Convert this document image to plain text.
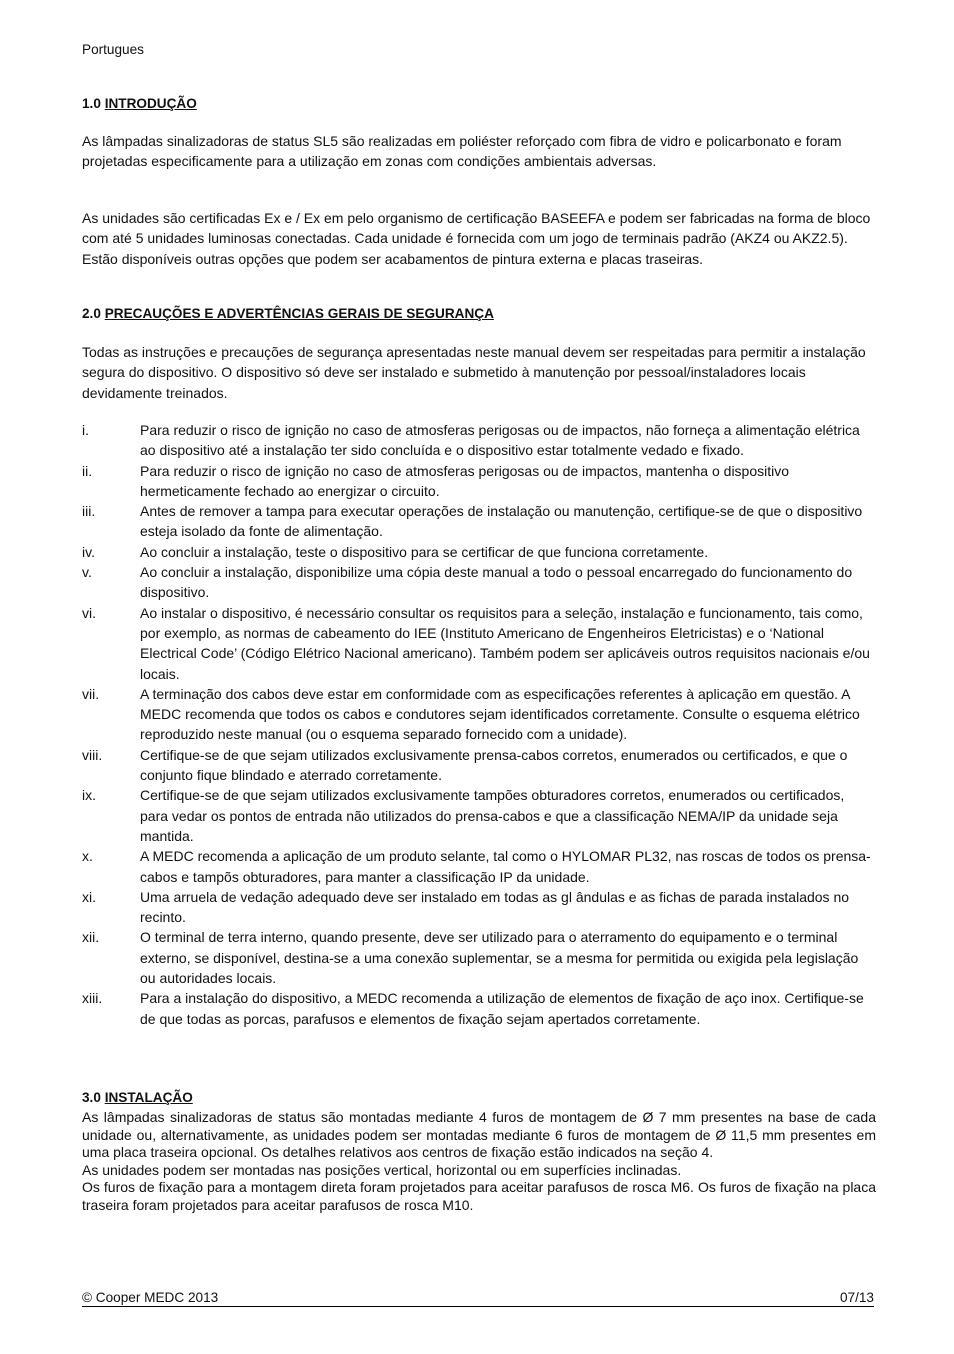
Portugues
1.0 INTRODUÇÃO
As lâmpadas sinalizadoras de status SL5 são realizadas em poliéster reforçado com fibra de vidro e policarbonato e foram projetadas especificamente para a utilização em zonas com condições ambientais adversas.
As unidades são certificadas Ex e / Ex em pelo organismo de certificação BASEEFA e podem ser fabricadas na forma de bloco com até 5 unidades luminosas conectadas. Cada unidade é fornecida com um jogo de terminais padrão (AKZ4 ou AKZ2.5). Estão disponíveis outras opções que podem ser acabamentos de pintura externa e placas traseiras.
2.0 PRECAUÇÕES E ADVERTÊNCIAS GERAIS DE SEGURANÇA
Todas as instruções e precauções de segurança apresentadas neste manual devem ser respeitadas para permitir a instalação segura do dispositivo. O dispositivo só deve ser instalado e submetido à manutenção por pessoal/instaladores locais devidamente treinados.
i.	Para reduzir o risco de ignição no caso de atmosferas perigosas ou de impactos, não forneça a alimentação elétrica ao dispositivo até a instalação ter sido concluída e o dispositivo estar totalmente vedado e fixado.
ii.	Para reduzir o risco de ignição no caso de atmosferas perigosas ou de impactos, mantenha o dispositivo hermeticamente fechado ao energizar o circuito.
iii.	Antes de remover a tampa para executar operações de instalação ou manutenção, certifique-se de que o dispositivo esteja isolado da fonte de alimentação.
iv.	Ao concluir a instalação, teste o dispositivo para se certificar de que funciona corretamente.
v.	Ao concluir a instalação, disponibilize uma cópia deste manual a todo o pessoal encarregado do funcionamento do dispositivo.
vi.	Ao instalar o dispositivo, é necessário consultar os requisitos para a seleção, instalação e funcionamento, tais como, por exemplo, as normas de cabeamento do IEE (Instituto Americano de Engenheiros Eletricistas) e o ‘National Electrical Code’ (Código Elétrico Nacional americano). Também podem ser aplicáveis outros requisitos nacionais e/ou locais.
vii.	A terminação dos cabos deve estar em conformidade com as especificações referentes à aplicação em questão. A MEDC recomenda que todos os cabos e condutores sejam identificados corretamente. Consulte o esquema elétrico reproduzido neste manual (ou o esquema separado fornecido com a unidade).
viii.	Certifique-se de que sejam utilizados exclusivamente prensa-cabos corretos, enumerados ou certificados, e que o conjunto fique blindado e aterrado corretamente.
ix.	Certifique-se de que sejam utilizados exclusivamente tampões obturadores corretos, enumerados ou certificados, para vedar os pontos de entrada não utilizados do prensa-cabos e que a classificação NEMA/IP da unidade seja mantida.
x.	A MEDC recomenda a aplicação de um produto selante, tal como o HYLOMAR PL32, nas roscas de todos os prensa-cabos e tampõs obturadores, para manter a classificação IP da unidade.
xi.	Uma arruela de vedação adequado deve ser instalado em todas as gl ândulas e as fichas de parada instalados no recinto.
xii.	O terminal de terra interno, quando presente, deve ser utilizado para o aterramento do equipamento e o terminal externo, se disponível, destina-se a uma conexão suplementar, se a mesma for permitida ou exigida pela legislação ou autoridades locais.
xiii.	Para a instalação do dispositivo, a MEDC recomenda a utilização de elementos de fixação de aço inox. Certifique-se de que todas as porcas, parafusos e elementos de fixação sejam apertados corretamente.
3.0 INSTALAÇÃO

As lâmpadas sinalizadoras de status são montadas mediante 4 furos de montagem de Ø 7 mm presentes na base de cada unidade ou, alternativamente, as unidades podem ser montadas mediante 6 furos de montagem de Ø 11,5 mm presentes em uma placa traseira opcional. Os detalhes relativos aos centros de fixação estão indicados na seção 4.

As unidades podem ser montadas nas posições vertical, horizontal ou em superfícies inclinadas.

Os furos de fixação para a montagem direta foram projetados para aceitar parafusos de rosca M6. Os furos de fixação na placa traseira foram projetados para aceitar parafusos de rosca M10.

© Cooper MEDC 2013	07/13
